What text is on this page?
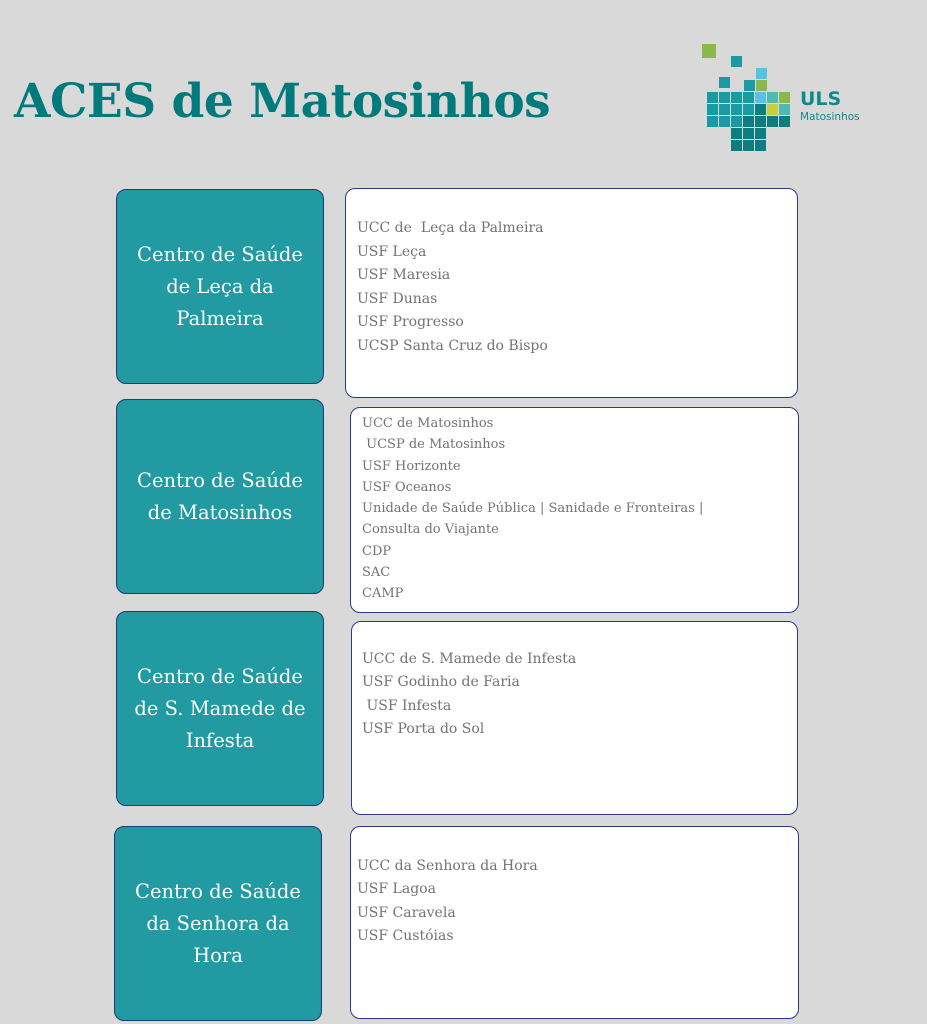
ACES de Matosinhos	ULS
Matosinhos
Centro de Saúde
de Leça da
Palmeira
UCC de  Leça da Palmeira
USF Leça
USF Maresia
USF Dunas
USF Progresso
UCSP Santa Cruz do Bispo
Centro de Saúde
de Matosinhos
UCC de Matosinhos
UCSP de Matosinhos
USF Horizonte
USF Oceanos
Unidade de Saúde Pública | Sanidade e Fronteiras |
Consulta do Viajante
CDP
SAC
CAMP
Centro de Saúde
de S. Mamede de
Infesta
UCC de S. Mamede de Infesta
USF Godinho de Faria
USF Infesta
USF Porta do Sol
Centro de Saúde
da Senhora da
Hora
UCC da Senhora da Hora
USF Lagoa
USF Caravela
USF Custóias
